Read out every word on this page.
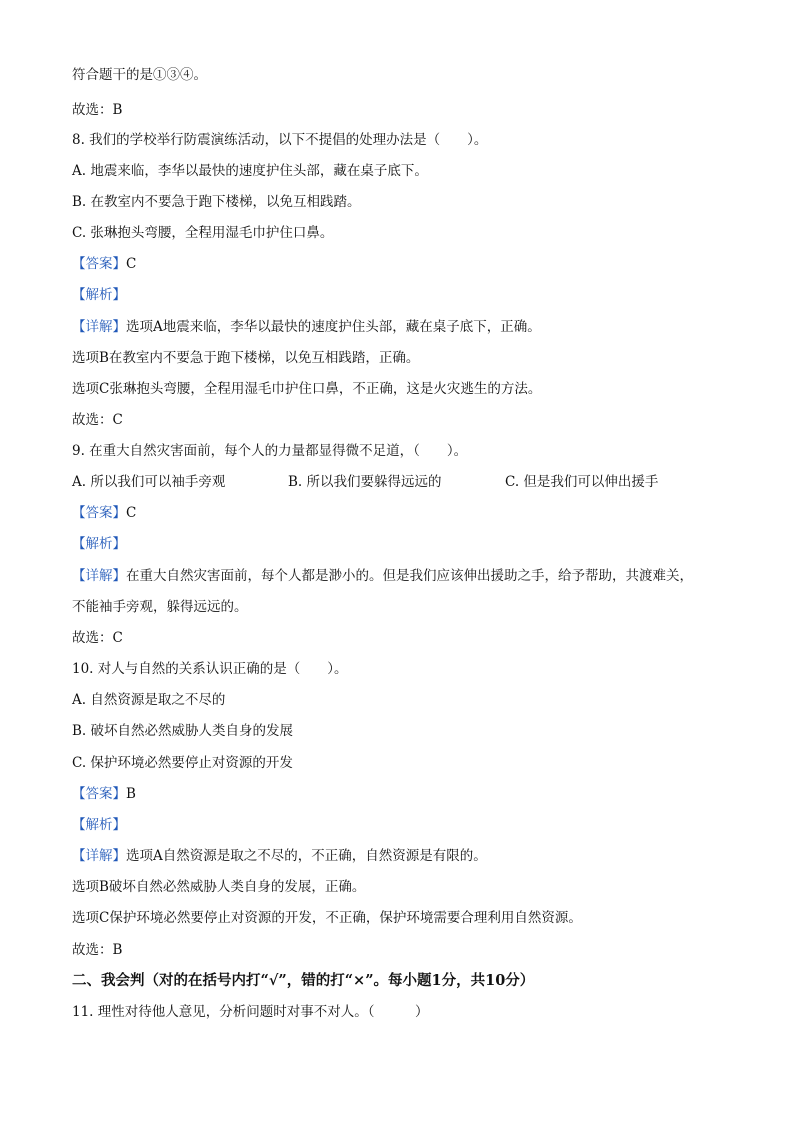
符合题干的是①③④。
故选：B
8. 我们的学校举行防震演练活动，以下不提倡的处理办法是（　　）。
A. 地震来临，李华以最快的速度护住头部，藏在桌子底下。
B. 在教室内不要急于跑下楼梯，以免互相践踏。
C. 张琳抱头弯腰，全程用湿毛巾护住口鼻。
【答案】C
【解析】
【详解】选项A地震来临，李华以最快的速度护住头部，藏在桌子底下，正确。
选项B在教室内不要急于跑下楼梯，以免互相践踏，正确。
选项C张琳抱头弯腰，全程用湿毛巾护住口鼻，不正确，这是火灾逃生的方法。
故选：C
9. 在重大自然灾害面前，每个人的力量都显得微不足道，（　　）。
A. 所以我们可以袖手旁观	B. 所以我们要躲得远远的	C. 但是我们可以伸出援手
【答案】C
【解析】
【详解】在重大自然灾害面前，每个人都是渺小的。但是我们应该伸出援助之手，给予帮助，共渡难关，
不能袖手旁观，躲得远远的。
故选：C
10. 对人与自然的关系认识正确的是（　　）。
A. 自然资源是取之不尽的
B. 破坏自然必然威胁人类自身的发展
C. 保护环境必然要停止对资源的开发
【答案】B
【解析】
【详解】选项A自然资源是取之不尽的，不正确，自然资源是有限的。
选项B破坏自然必然威胁人类自身的发展，正确。
选项C保护环境必然要停止对资源的开发，不正确，保护环境需要合理利用自然资源。
故选：B
二、我会判（对的在括号内打“√”，错的打“×”。每小题1分，共10分）
11. 理性对待他人意见，分析问题时对事不对人。（　　　）
